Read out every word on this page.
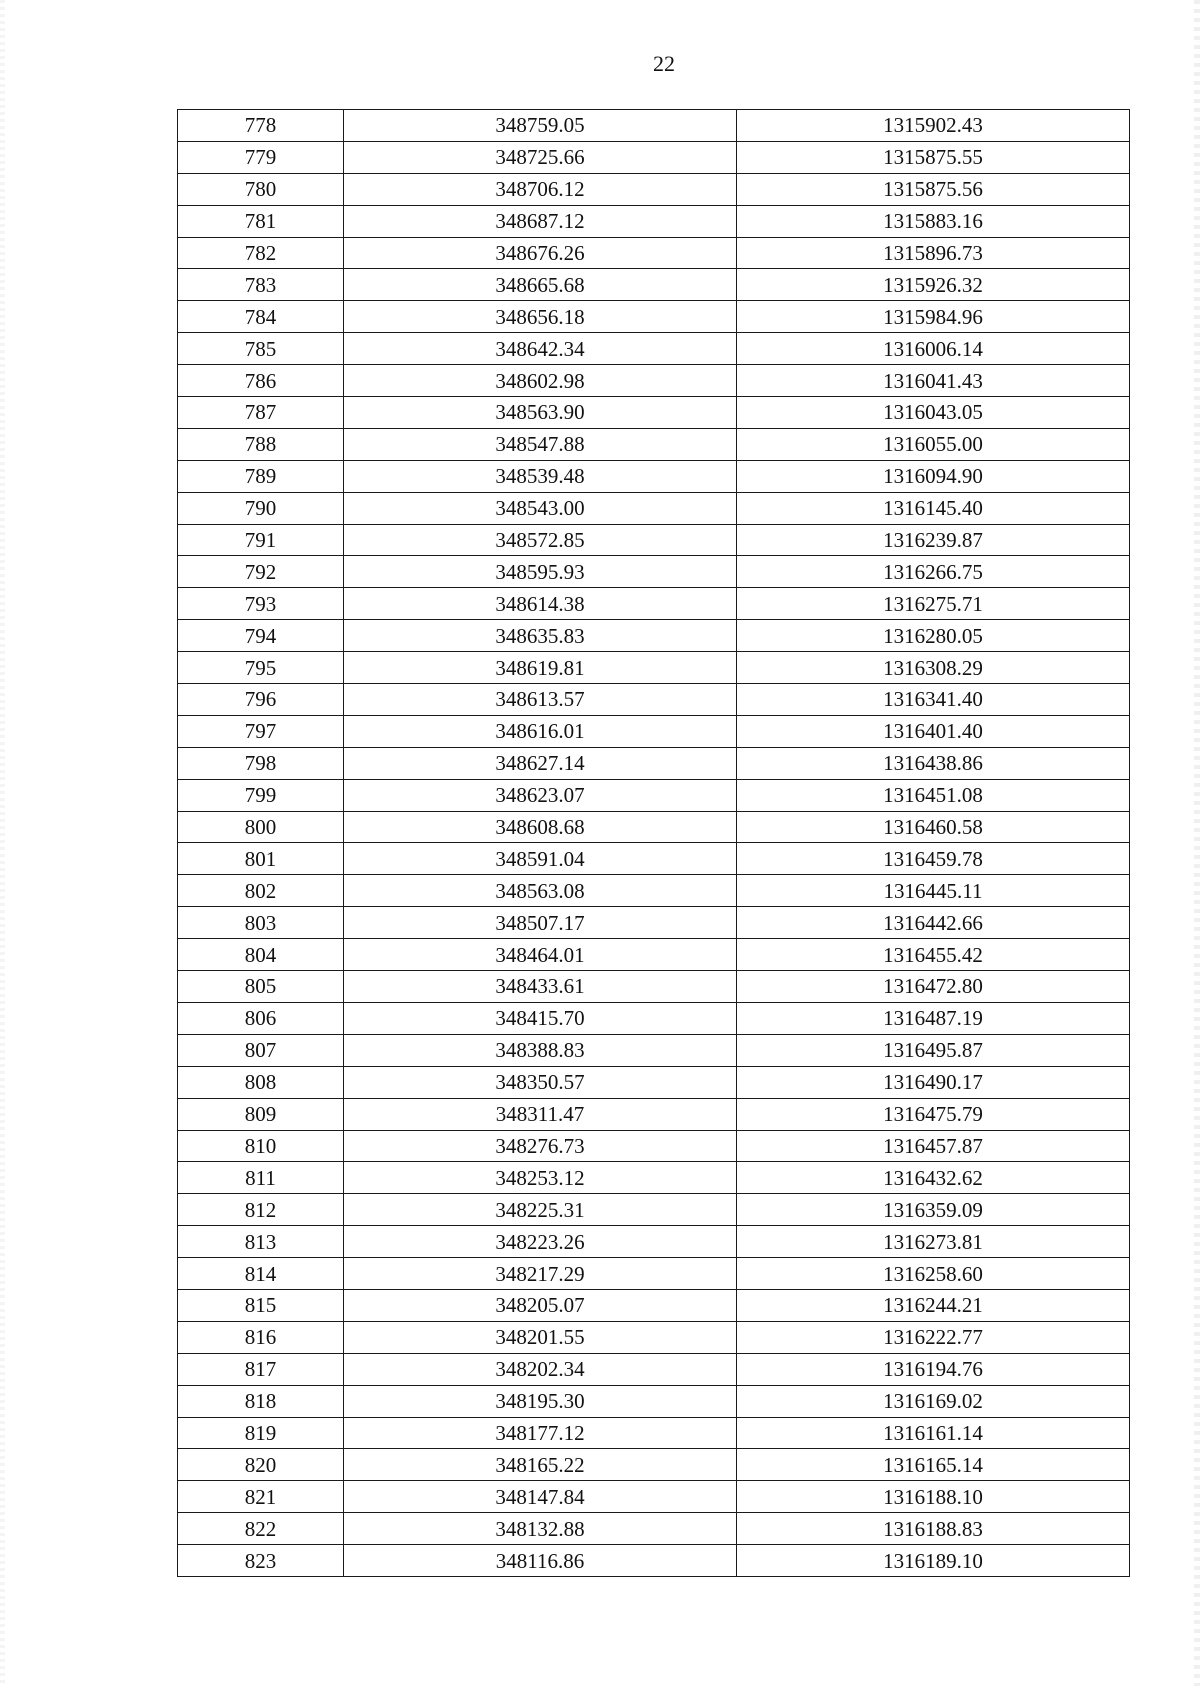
22
778	348759.05	1315902.43
779	348725.66	1315875.55
780	348706.12	1315875.56
781	348687.12	1315883.16
782	348676.26	1315896.73
783	348665.68	1315926.32
784	348656.18	1315984.96
785	348642.34	1316006.14
786	348602.98	1316041.43
787	348563.90	1316043.05
788	348547.88	1316055.00
789	348539.48	1316094.90
790	348543.00	1316145.40
791	348572.85	1316239.87
792	348595.93	1316266.75
793	348614.38	1316275.71
794	348635.83	1316280.05
795	348619.81	1316308.29
796	348613.57	1316341.40
797	348616.01	1316401.40
798	348627.14	1316438.86
799	348623.07	1316451.08
800	348608.68	1316460.58
801	348591.04	1316459.78
802	348563.08	1316445.11
803	348507.17	1316442.66
804	348464.01	1316455.42
805	348433.61	1316472.80
806	348415.70	1316487.19
807	348388.83	1316495.87
808	348350.57	1316490.17
809	348311.47	1316475.79
810	348276.73	1316457.87
811	348253.12	1316432.62
812	348225.31	1316359.09
813	348223.26	1316273.81
814	348217.29	1316258.60
815	348205.07	1316244.21
816	348201.55	1316222.77
817	348202.34	1316194.76
818	348195.30	1316169.02
819	348177.12	1316161.14
820	348165.22	1316165.14
821	348147.84	1316188.10
822	348132.88	1316188.83
823	348116.86	1316189.10
